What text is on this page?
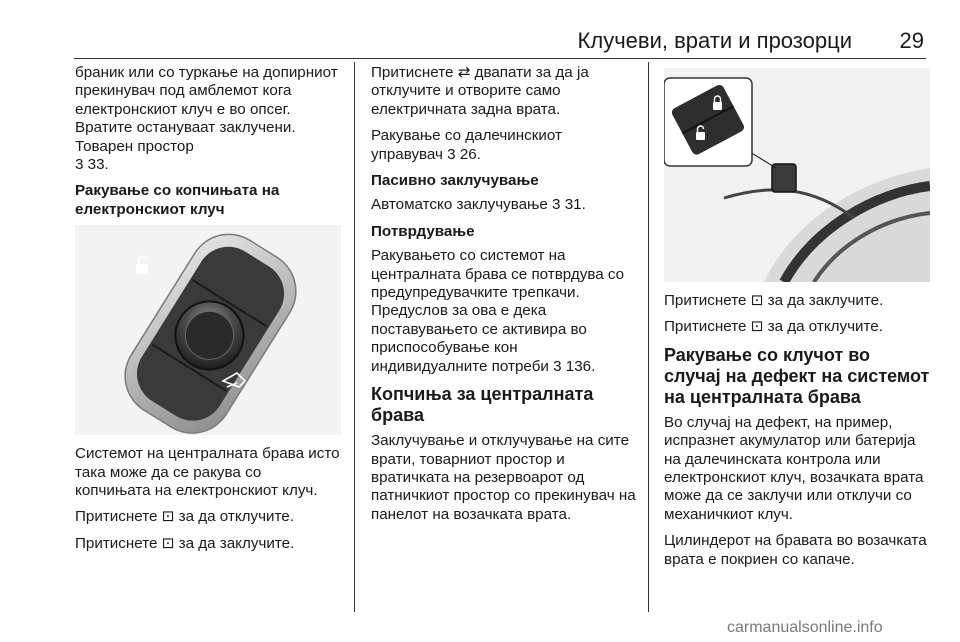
Клучеви, врати и прозорци 29

браник или со туркање на допирниот прекинувач под амблемот кога електронскиот клуч е во опсег. Вратите остануваат заклучени. Товарен простор
3 33.

Ракување со копчињата на електронскиот клуч

Системот на централната брава исто така може да се ракува со копчињата на електронскиот клуч.

Притиснете ⊡ за да отклучите.

Притиснете ⊡ за да заклучите.

Притиснете ⇄ двапати за да ја отклучите и отворите само електричната задна врата.

Ракување со далечинскиот управувач 3 26.

Пасивно заклучување

Автоматско заклучување 3 31.

Потврдување

Ракувањето со системот на централната брава се потврдува со предупредувачките трепкачи. Предуслов за ова е дека поставувањето се активира во приспособување кон индивидуалните потреби 3 136.

Копчиња за централната брава

Заклучување и отклучување на сите врати, товарниот простор и вратичката на резервоарот од патничкиот простор со прекинувач на панелот на возачката врата.

Притиснете ⊡ за да заклучите.

Притиснете ⊡ за да отклучите.

Ракување со клучот во случај на дефект на системот на централната брава

Во случај на дефект, на пример, испразнет акумулатор или батерија на далечинската контрола или електронскиот клуч, возачката врата може да се заклучи или отклучи со механичкиот клуч.

Цилиндерот на бравата во возачката врата е покриен со капаче.

carmanualsonline.info
